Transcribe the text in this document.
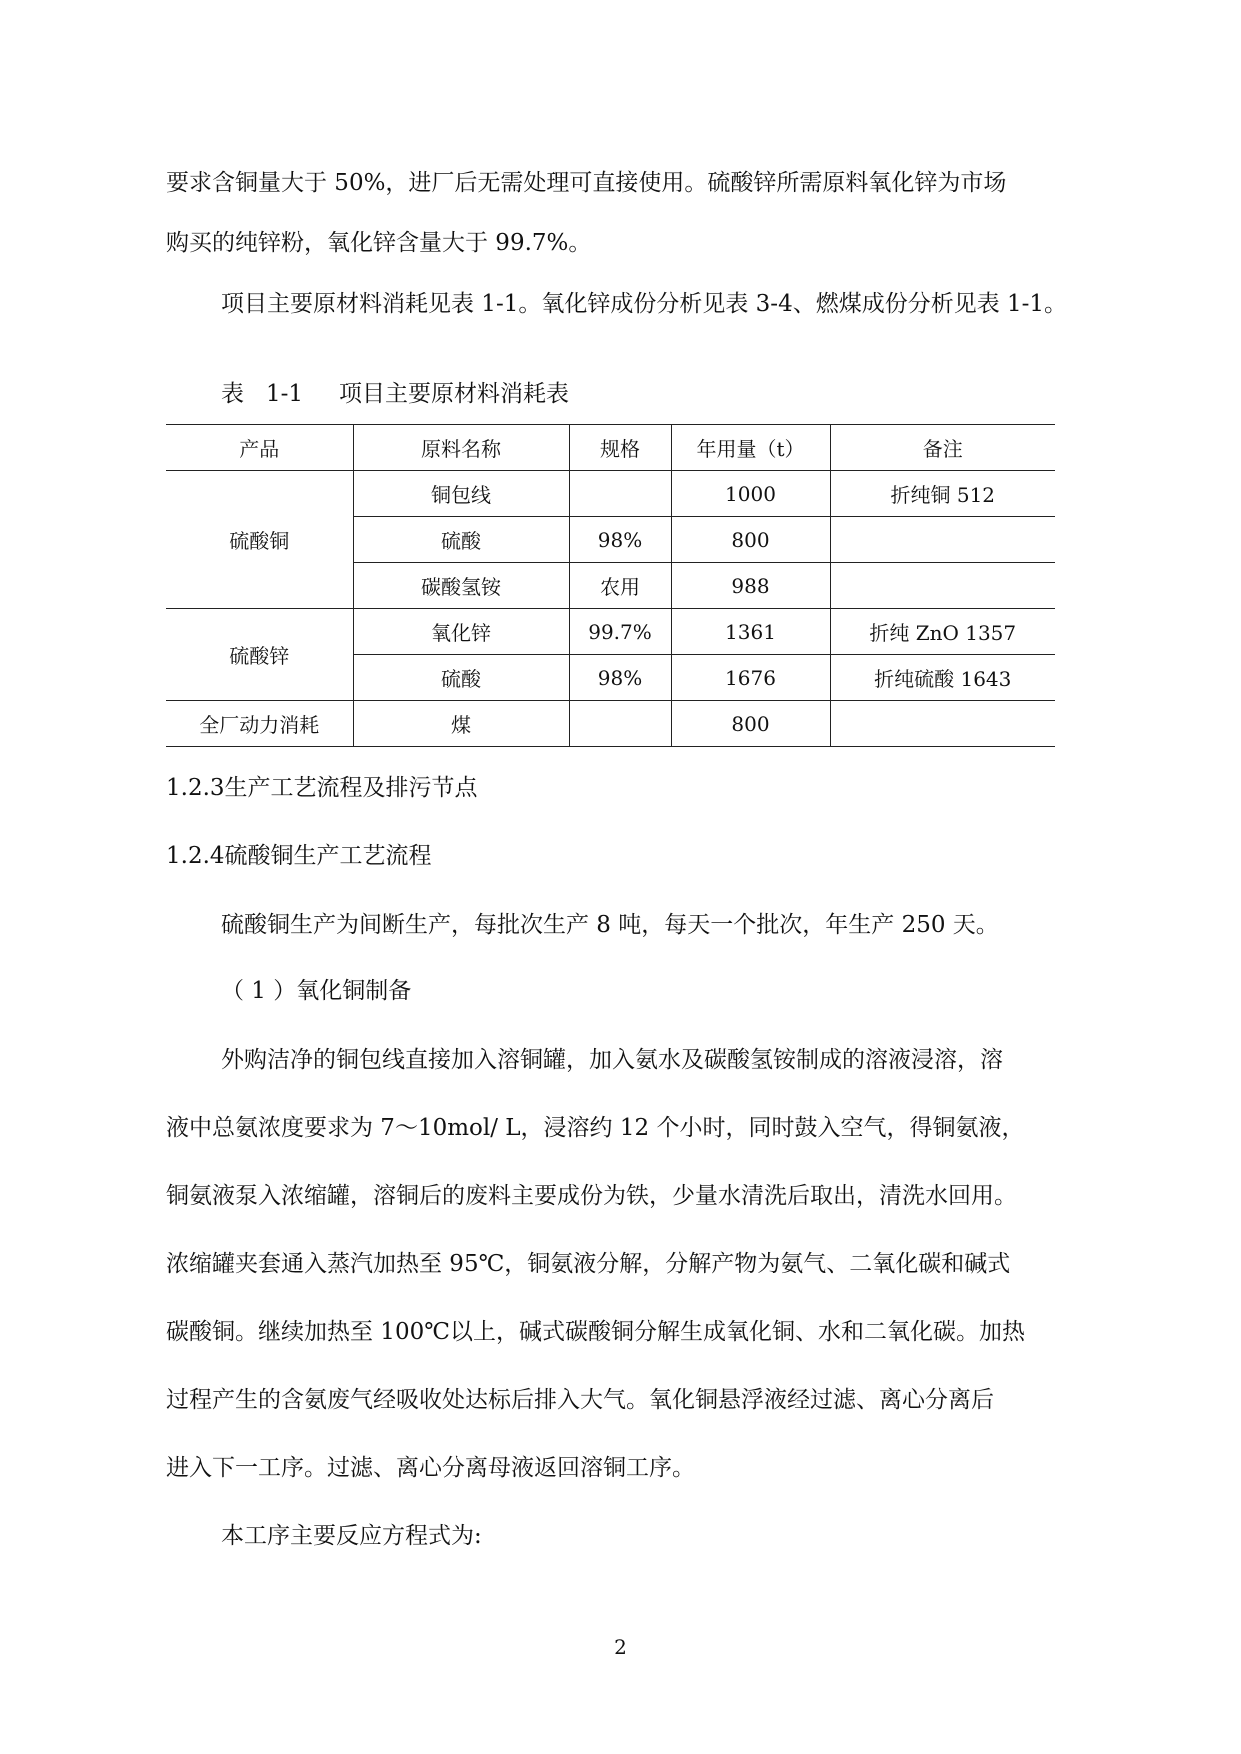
要求含铜量大于 50%，进厂后无需处理可直接使用。硫酸锌所需原料氧化锌为市场
购买的纯锌粉，氧化锌含量大于 99.7%。
项目主要原材料消耗见表 1-1。氧化锌成份分析见表 3-4、燃煤成份分析见表 1-1。
表 1-1 项目主要原材料消耗表
产品	原料名称	规格	年用量（t）	备注
硫酸铜	铜包线		1000	折纯铜 512
	硫酸	98%	800	
	碳酸氢铵	农用	988	
硫酸锌	氧化锌	99.7%	1361	折纯 ZnO 1357
	硫酸	98%	1676	折纯硫酸 1643
全厂动力消耗	煤		800	
1.2.3生产工艺流程及排污节点
1.2.4硫酸铜生产工艺流程
硫酸铜生产为间断生产，每批次生产 8 吨，每天一个批次，年生产 250 天。
（ 1 ）氧化铜制备
外购洁净的铜包线直接加入溶铜罐，加入氨水及碳酸氢铵制成的溶液浸溶，溶
液中总氨浓度要求为 7～10mol/ L，浸溶约 12 个小时，同时鼓入空气，得铜氨液，
铜氨液泵入浓缩罐，溶铜后的废料主要成份为铁，少量水清洗后取出，清洗水回用。
浓缩罐夹套通入蒸汽加热至 95℃，铜氨液分解，分解产物为氨气、二氧化碳和碱式
碳酸铜。继续加热至 100℃以上，碱式碳酸铜分解生成氧化铜、水和二氧化碳。加热
过程产生的含氨废气经吸收处达标后排入大气。氧化铜悬浮液经过滤、离心分离后
进入下一工序。过滤、离心分离母液返回溶铜工序。
本工序主要反应方程式为:
2
